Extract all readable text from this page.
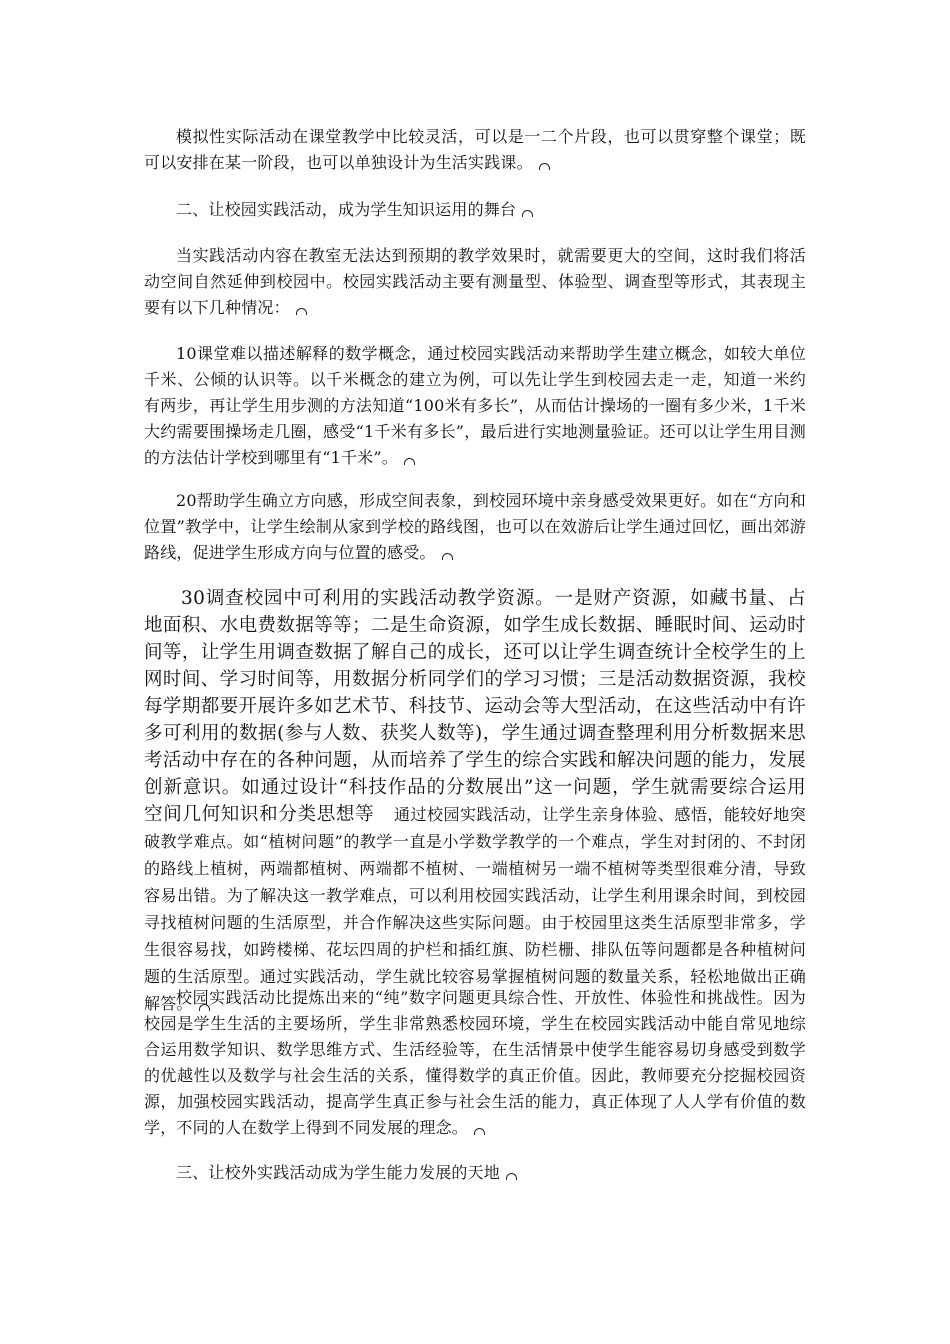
模拟性实际活动在课堂教学中比较灵活，可以是一二个片段，也可以贯穿整个课堂；既可以安排在某一阶段，也可以单独设计为生活实践课。

二、让校园实践活动，成为学生知识运用的舞台

当实践活动内容在教室无法达到预期的教学效果时，就需要更大的空间，这时我们将活动空间自然延伸到校园中。校园实践活动主要有测量型、体验型、调查型等形式，其表现主要有以下几种情况：

10课堂难以描述解释的数学概念，通过校园实践活动来帮助学生建立概念，如较大单位千米、公倾的认识等。以千米概念的建立为例，可以先让学生到校园去走一走，知道一米约有两步，再让学生用步测的方法知道“100米有多长”，从而估计操场的一圈有多少米，1千米大约需要围操场走几圈，感受“1千米有多长”，最后进行实地测量验证。还可以让学生用目测的方法估计学校到哪里有“1千米”。

20帮助学生确立方向感，形成空间表象，到校园环境中亲身感受效果更好。如在“方向和位置”教学中，让学生绘制从家到学校的路线图，也可以在效游后让学生通过回忆，画出郊游路线，促进学生形成方向与位置的感受。

30调查校园中可利用的实践活动教学资源。一是财产资源，如藏书量、占地面积、水电费数据等等；二是生命资源，如学生成长数据、睡眠时间、运动时间等，让学生用调查数据了解自己的成长，还可以让学生调查统计全校学生的上网时间、学习时间等，用数据分析同学们的学习习惯；三是活动数据资源，我校每学期都要开展许多如艺术节、科技节、运动会等大型活动，在这些活动中有许多可利用的数据(参与人数、获奖人数等)，学生通过调查整理利用分析数据来思考活动中存在的各种问题，从而培养了学生的综合实践和解决问题的能力，发展创新意识。如通过设计“科技作品的分数展出”这一问题，学生就需要综合运用空间几何知识和分类思想等 通过校园实践活动，让学生亲身体验、感悟，能较好地突破教学难点。如“植树问题”的教学一直是小学数学教学的一个难点，学生对封闭的、不封闭的路线上植树，两端都植树、两端都不植树、一端植树另一端不植树等类型很难分清，导致容易出错。为了解决这一教学难点，可以利用校园实践活动，让学生利用课余时间，到校园寻找植树问题的生活原型，并合作解决这些实际问题。由于校园里这类生活原型非常多，学生很容易找，如跨楼梯、花坛四周的护栏和插红旗、防栏栅、排队伍等问题都是各种植树问题的生活原型。通过实践活动，学生就比较容易掌握植树问题的数量关系，轻松地做出正确解答。

校园实践活动比提炼出来的“纯”数字问题更具综合性、开放性、体验性和挑战性。因为校园是学生生活的主要场所，学生非常熟悉校园环境，学生在校园实践活动中能自常见地综合运用数学知识、数学思维方式、生活经验等，在生活情景中使学生能容易切身感受到数学的优越性以及数学与社会生活的关系，懂得数学的真正价值。因此，教师要充分挖掘校园资源，加强校园实践活动，提高学生真正参与社会生活的能力，真正体现了人人学有价值的数学，不同的人在数学上得到不同发展的理念。

三、让校外实践活动成为学生能力发展的天地
